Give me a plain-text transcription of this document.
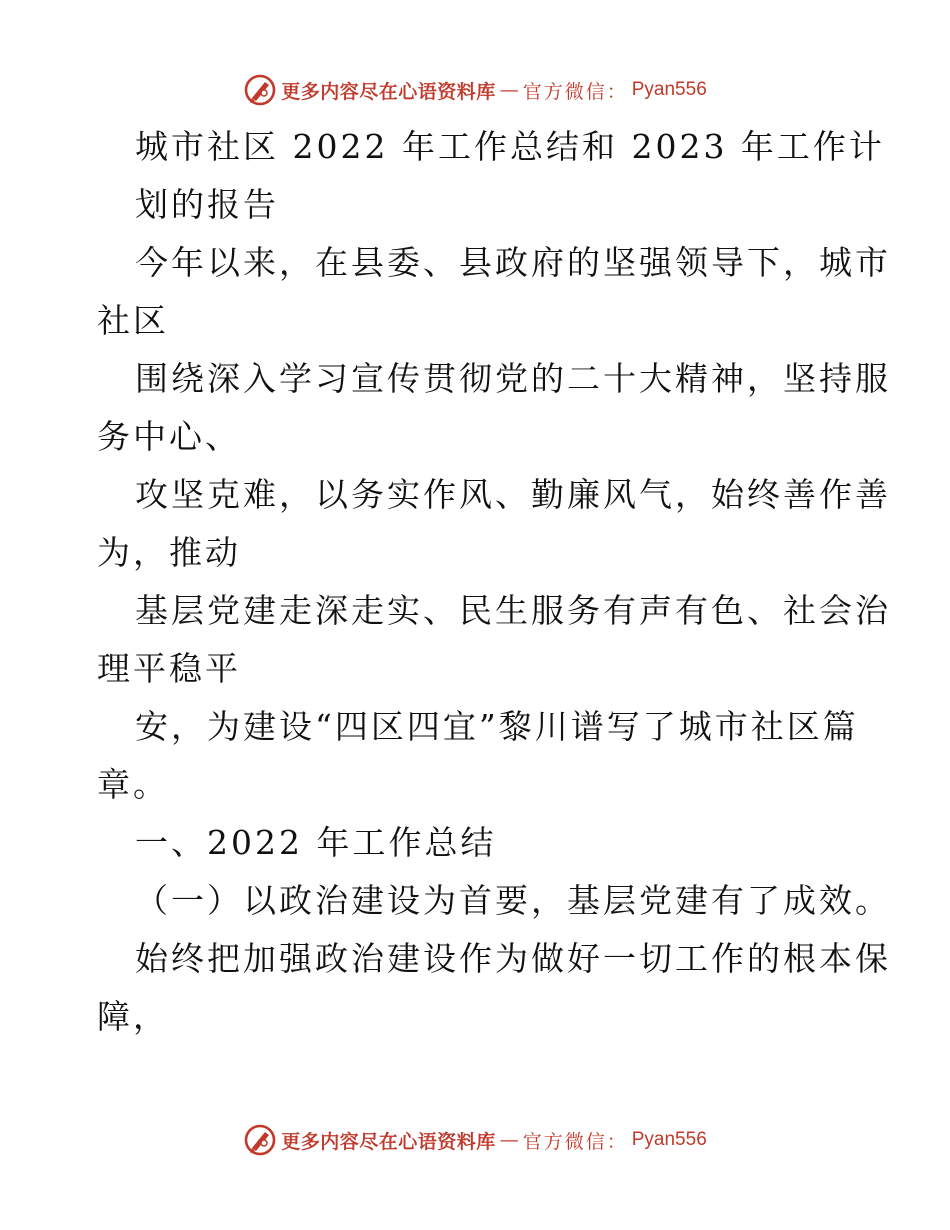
更多内容尽在心语资料库 — 官方微信： Pyan556
城市社区 2022 年工作总结和 2023 年工作计
划的报告
今年以来，在县委、县政府的坚强领导下，城市
社区
围绕深入学习宣传贯彻党的二十大精神，坚持服
务中心、
攻坚克难，以务实作风、勤廉风气，始终善作善
为，推动
基层党建走深走实、民生服务有声有色、社会治
理平稳平
安，为建设“四区四宜”黎川谱写了城市社区篇
章。
一、2022 年工作总结
（一）以政治建设为首要，基层党建有了成效。
始终把加强政治建设作为做好一切工作的根本保
障，
更多内容尽在心语资料库 — 官方微信： Pyan556
